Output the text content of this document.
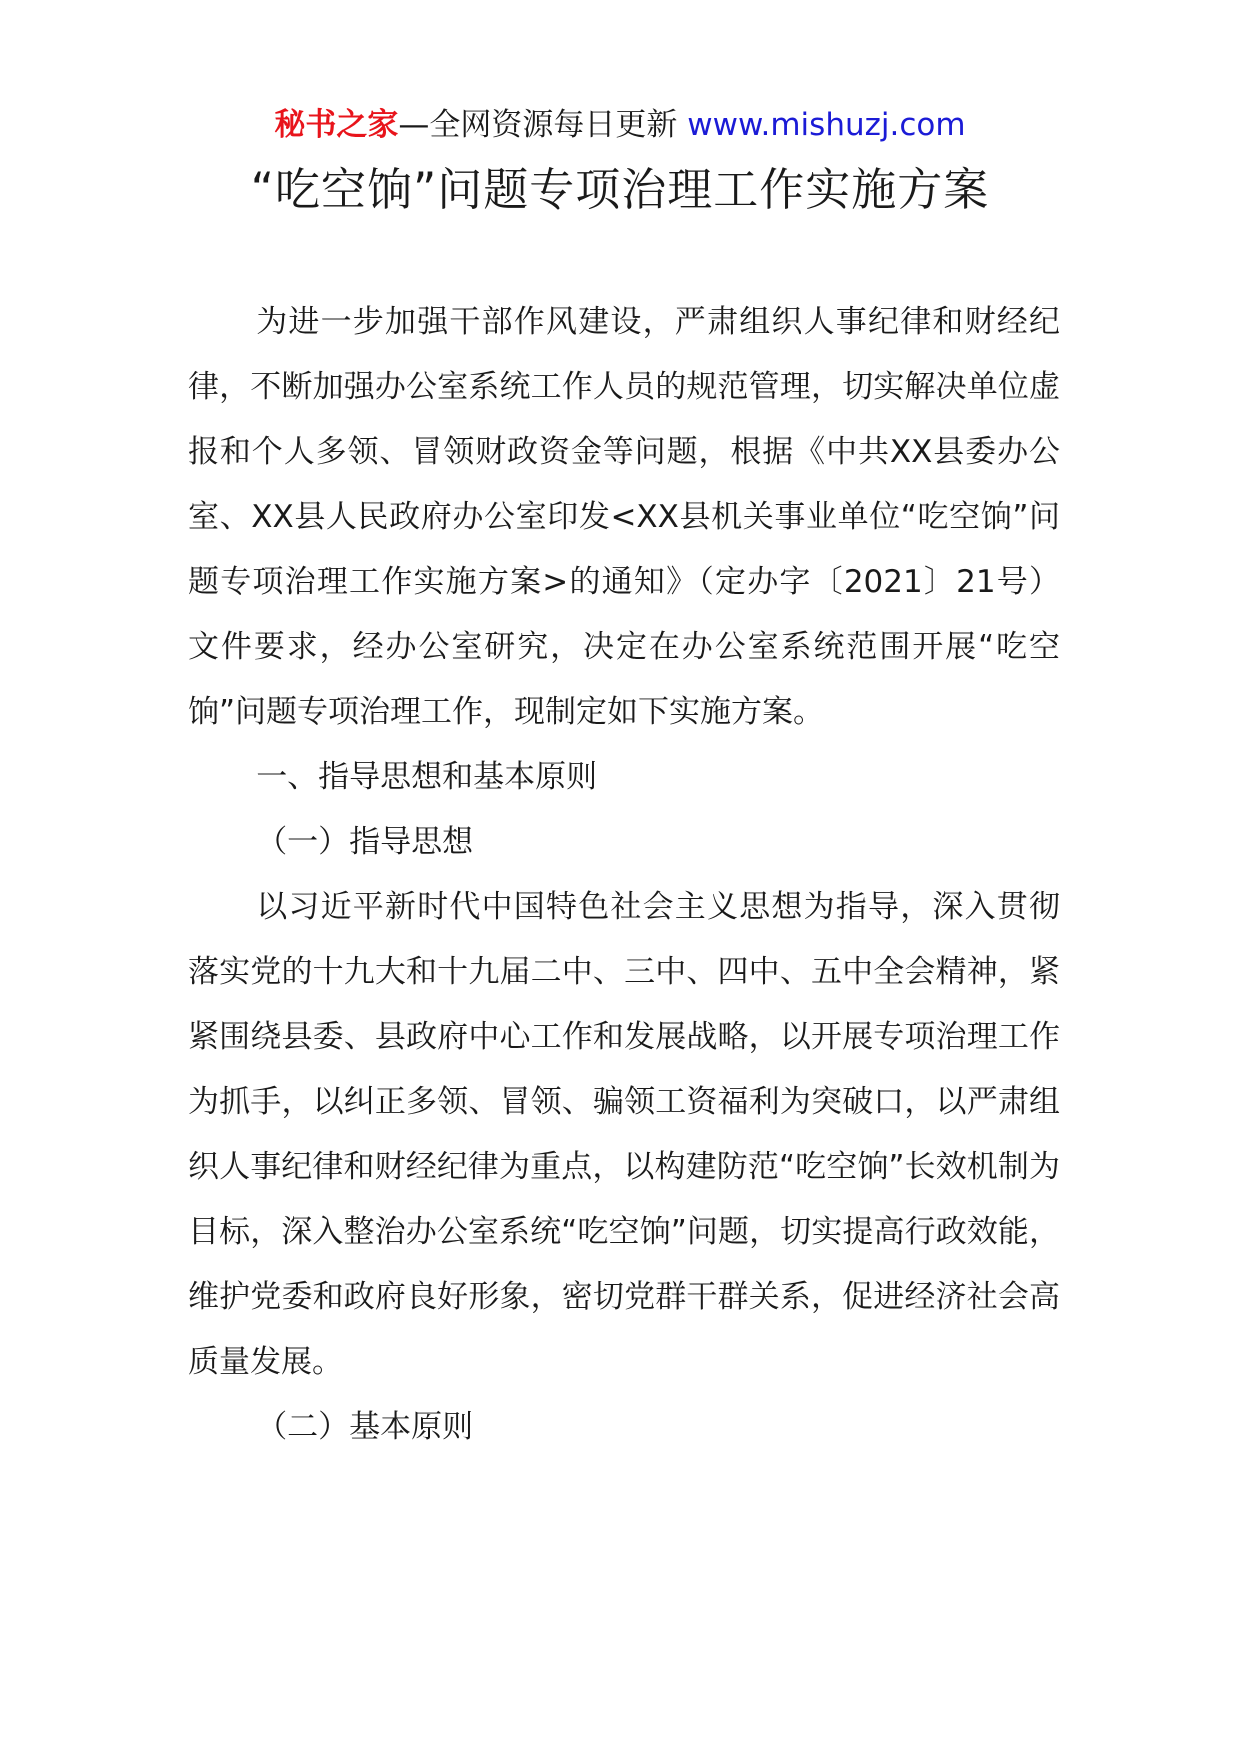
秘书之家—全网资源每日更新 www.mishuzj.com
“吃空饷”问题专项治理工作实施方案

为进一步加强干部作风建设，严肃组织人事纪律和财经纪律，不断加强办公室系统工作人员的规范管理，切实解决单位虚报和个人多领、冒领财政资金等问题，根据《中共XX县委办公室、XX县人民政府办公室印发<XX县机关事业单位“吃空饷”问题专项治理工作实施方案>的通知》（定办字〔2021〕21号）文件要求，经办公室研究，决定在办公室系统范围开展“吃空饷”问题专项治理工作，现制定如下实施方案。

一、指导思想和基本原则

（一）指导思想

以习近平新时代中国特色社会主义思想为指导，深入贯彻落实党的十九大和十九届二中、三中、四中、五中全会精神，紧紧围绕县委、县政府中心工作和发展战略，以开展专项治理工作为抓手，以纠正多领、冒领、骗领工资福利为突破口，以严肃组织人事纪律和财经纪律为重点，以构建防范“吃空饷”长效机制为目标，深入整治办公室系统“吃空饷”问题，切实提高行政效能，维护党委和政府良好形象，密切党群干群关系，促进经济社会高质量发展。

（二）基本原则
